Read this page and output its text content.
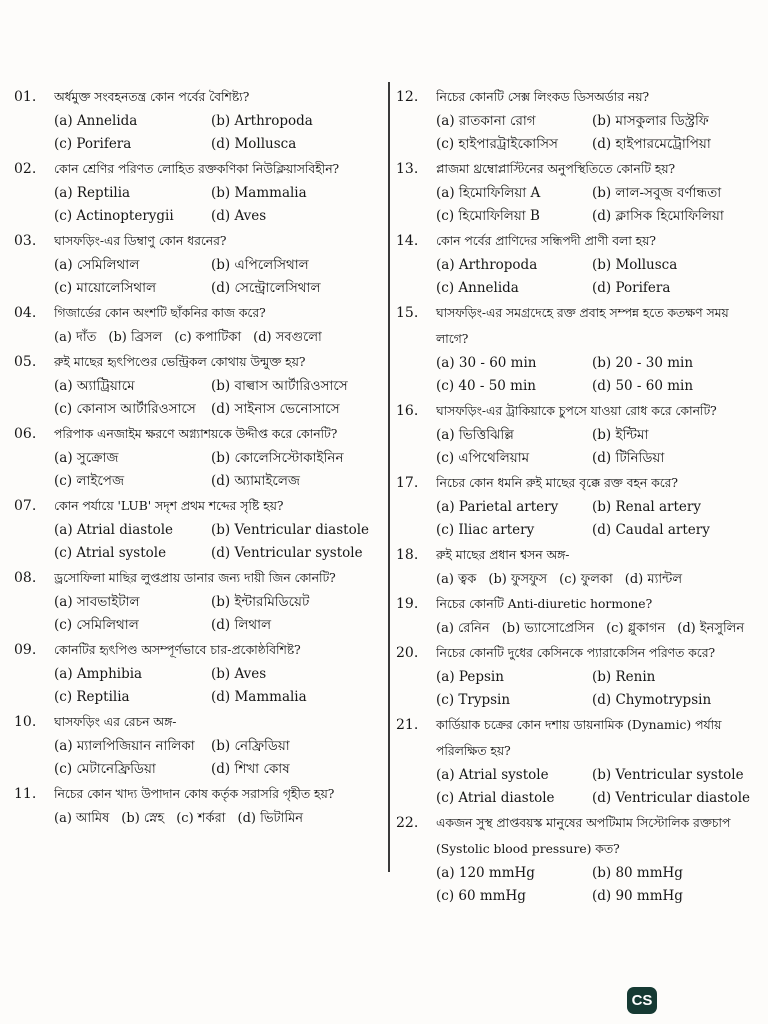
01.	অর্ধমুক্ত সংবহনতন্ত্র কোন পর্বের বৈশিষ্ট্য?
(a) Annelida	(b) Arthropoda
(c) Porifera	(d) Mollusca
02.	কোন শ্রেণির পরিণত লোহিত রক্তকণিকা নিউক্লিয়াসবিহীন?
(a) Reptilia	(b) Mammalia
(c) Actinopterygii	(d) Aves
03.	ঘাসফড়িং-এর ডিম্বাণু কোন ধরনের?
(a) সেমিলিথাল	(b) এপিলেসিথাল
(c) মায়োলেসিথাল	(d) সেন্ট্রোলেসিথাল
04.	গিজার্ডের কোন অংশটি ছাঁকনির কাজ করে?
(a) দাঁত (b) ব্রিসল (c) কপাটিকা (d) সবগুলো
05.	রুই মাছের হৃৎপিণ্ডের ভেন্ট্রিকল কোথায় উন্মুক্ত হয়?
(a) অ্যাট্রিয়ামে	(b) বাল্বাস আর্টারিওসাসে
(c) কোনাস আর্টারিওসাসে	(d) সাইনাস ভেনোসাসে
06.	পরিপাক এনজাইম ক্ষরণে অগ্ন্যাশয়কে উদ্দীপ্ত করে কোনটি?
(a) সুক্রোজ	(b) কোলেসিস্টোকাইনিন
(c) লাইপেজ	(d) অ্যামাইলেজ
07.	কোন পর্যায়ে 'LUB' সদৃশ প্রথম শব্দের সৃষ্টি হয়?
(a) Atrial diastole	(b) Ventricular diastole
(c) Atrial systole	(d) Ventricular systole
08.	ড্রসোফিলা মাছির লুপ্তপ্রায় ডানার জন্য দায়ী জিন কোনটি?
(a) সাবভাইটাল	(b) ইন্টারমিডিয়েট
(c) সেমিলিথাল	(d) লিথাল
09.	কোনটির হৃৎপিণ্ড অসম্পূর্ণভাবে চার-প্রকোষ্ঠবিশিষ্ট?
(a) Amphibia	(b) Aves
(c) Reptilia	(d) Mammalia
10.	ঘাসফড়িং এর রেচন অঙ্গ-
(a) ম্যালপিজিয়ান নালিকা	(b) নেফ্রিডিয়া
(c) মেটানেফ্রিডিয়া	(d) শিখা কোষ
11.	নিচের কোন খাদ্য উপাদান কোষ কর্তৃক সরাসরি গৃহীত হয়?
(a) আমিষ (b) স্নেহ (c) শর্করা (d) ভিটামিন
12.	নিচের কোনটি সেক্স লিংকড ডিসঅর্ডার নয়?
(a) রাতকানা রোগ	(b) মাসকুলার ডিস্ট্রফি
(c) হাইপারট্রাইকোসিস	(d) হাইপারমেট্রোপিয়া
13.	প্লাজমা থ্রম্বোপ্লাস্টিনের অনুপস্থিতিতে কোনটি হয়?
(a) হিমোফিলিয়া A	(b) লাল-সবুজ বর্ণান্ধতা
(c) হিমোফিলিয়া B	(d) ক্লাসিক হিমোফিলিয়া
14.	কোন পর্বের প্রাণিদের সন্ধিপদী প্রাণী বলা হয়?
(a) Arthropoda	(b) Mollusca
(c) Annelida	(d) Porifera
15.	ঘাসফড়িং-এর সমগ্রদেহে রক্ত প্রবাহ সম্পন্ন হতে কতক্ষণ সময় লাগে?
(a) 30 - 60 min	(b) 20 - 30 min
(c) 40 - 50 min	(d) 50 - 60 min
16.	ঘাসফড়িং-এর ট্রাকিয়াকে চুপসে যাওয়া রোধ করে কোনটি?
(a) ভিত্তিঝিল্লি	(b) ইন্টিমা
(c) এপিথেলিয়াম	(d) টিনিডিয়া
17.	নিচের কোন ধমনি রুই মাছের বৃক্কে রক্ত বহন করে?
(a) Parietal artery	(b) Renal artery
(c) Iliac artery	(d) Caudal artery
18.	রুই মাছের প্রধান শ্বসন অঙ্গ-
(a) ত্বক (b) ফুসফুস (c) ফুলকা (d) ম্যান্টল
19.	নিচের কোনটি Anti-diuretic hormone?
(a) রেনিন (b) ভ্যাসোপ্রেসিন (c) গ্লুকাগন (d) ইনসুলিন
20.	নিচের কোনটি দুধের কেসিনকে প্যারাকেসিন পরিণত করে?
(a) Pepsin	(b) Renin
(c) Trypsin	(d) Chymotrypsin
21.	কার্ডিয়াক চক্রের কোন দশায় ডায়নামিক (Dynamic) পর্যায় পরিলক্ষিত হয়?
(a) Atrial systole	(b) Ventricular systole
(c) Atrial diastole	(d) Ventricular diastole
22.	একজন সুস্থ প্রাপ্তবয়স্ক মানুষের অপটিমাম সিস্টোলিক রক্তচাপ (Systolic blood pressure) কত?
(a) 120 mmHg	(b) 80 mmHg
(c) 60 mmHg	(d) 90 mmHg
CS
